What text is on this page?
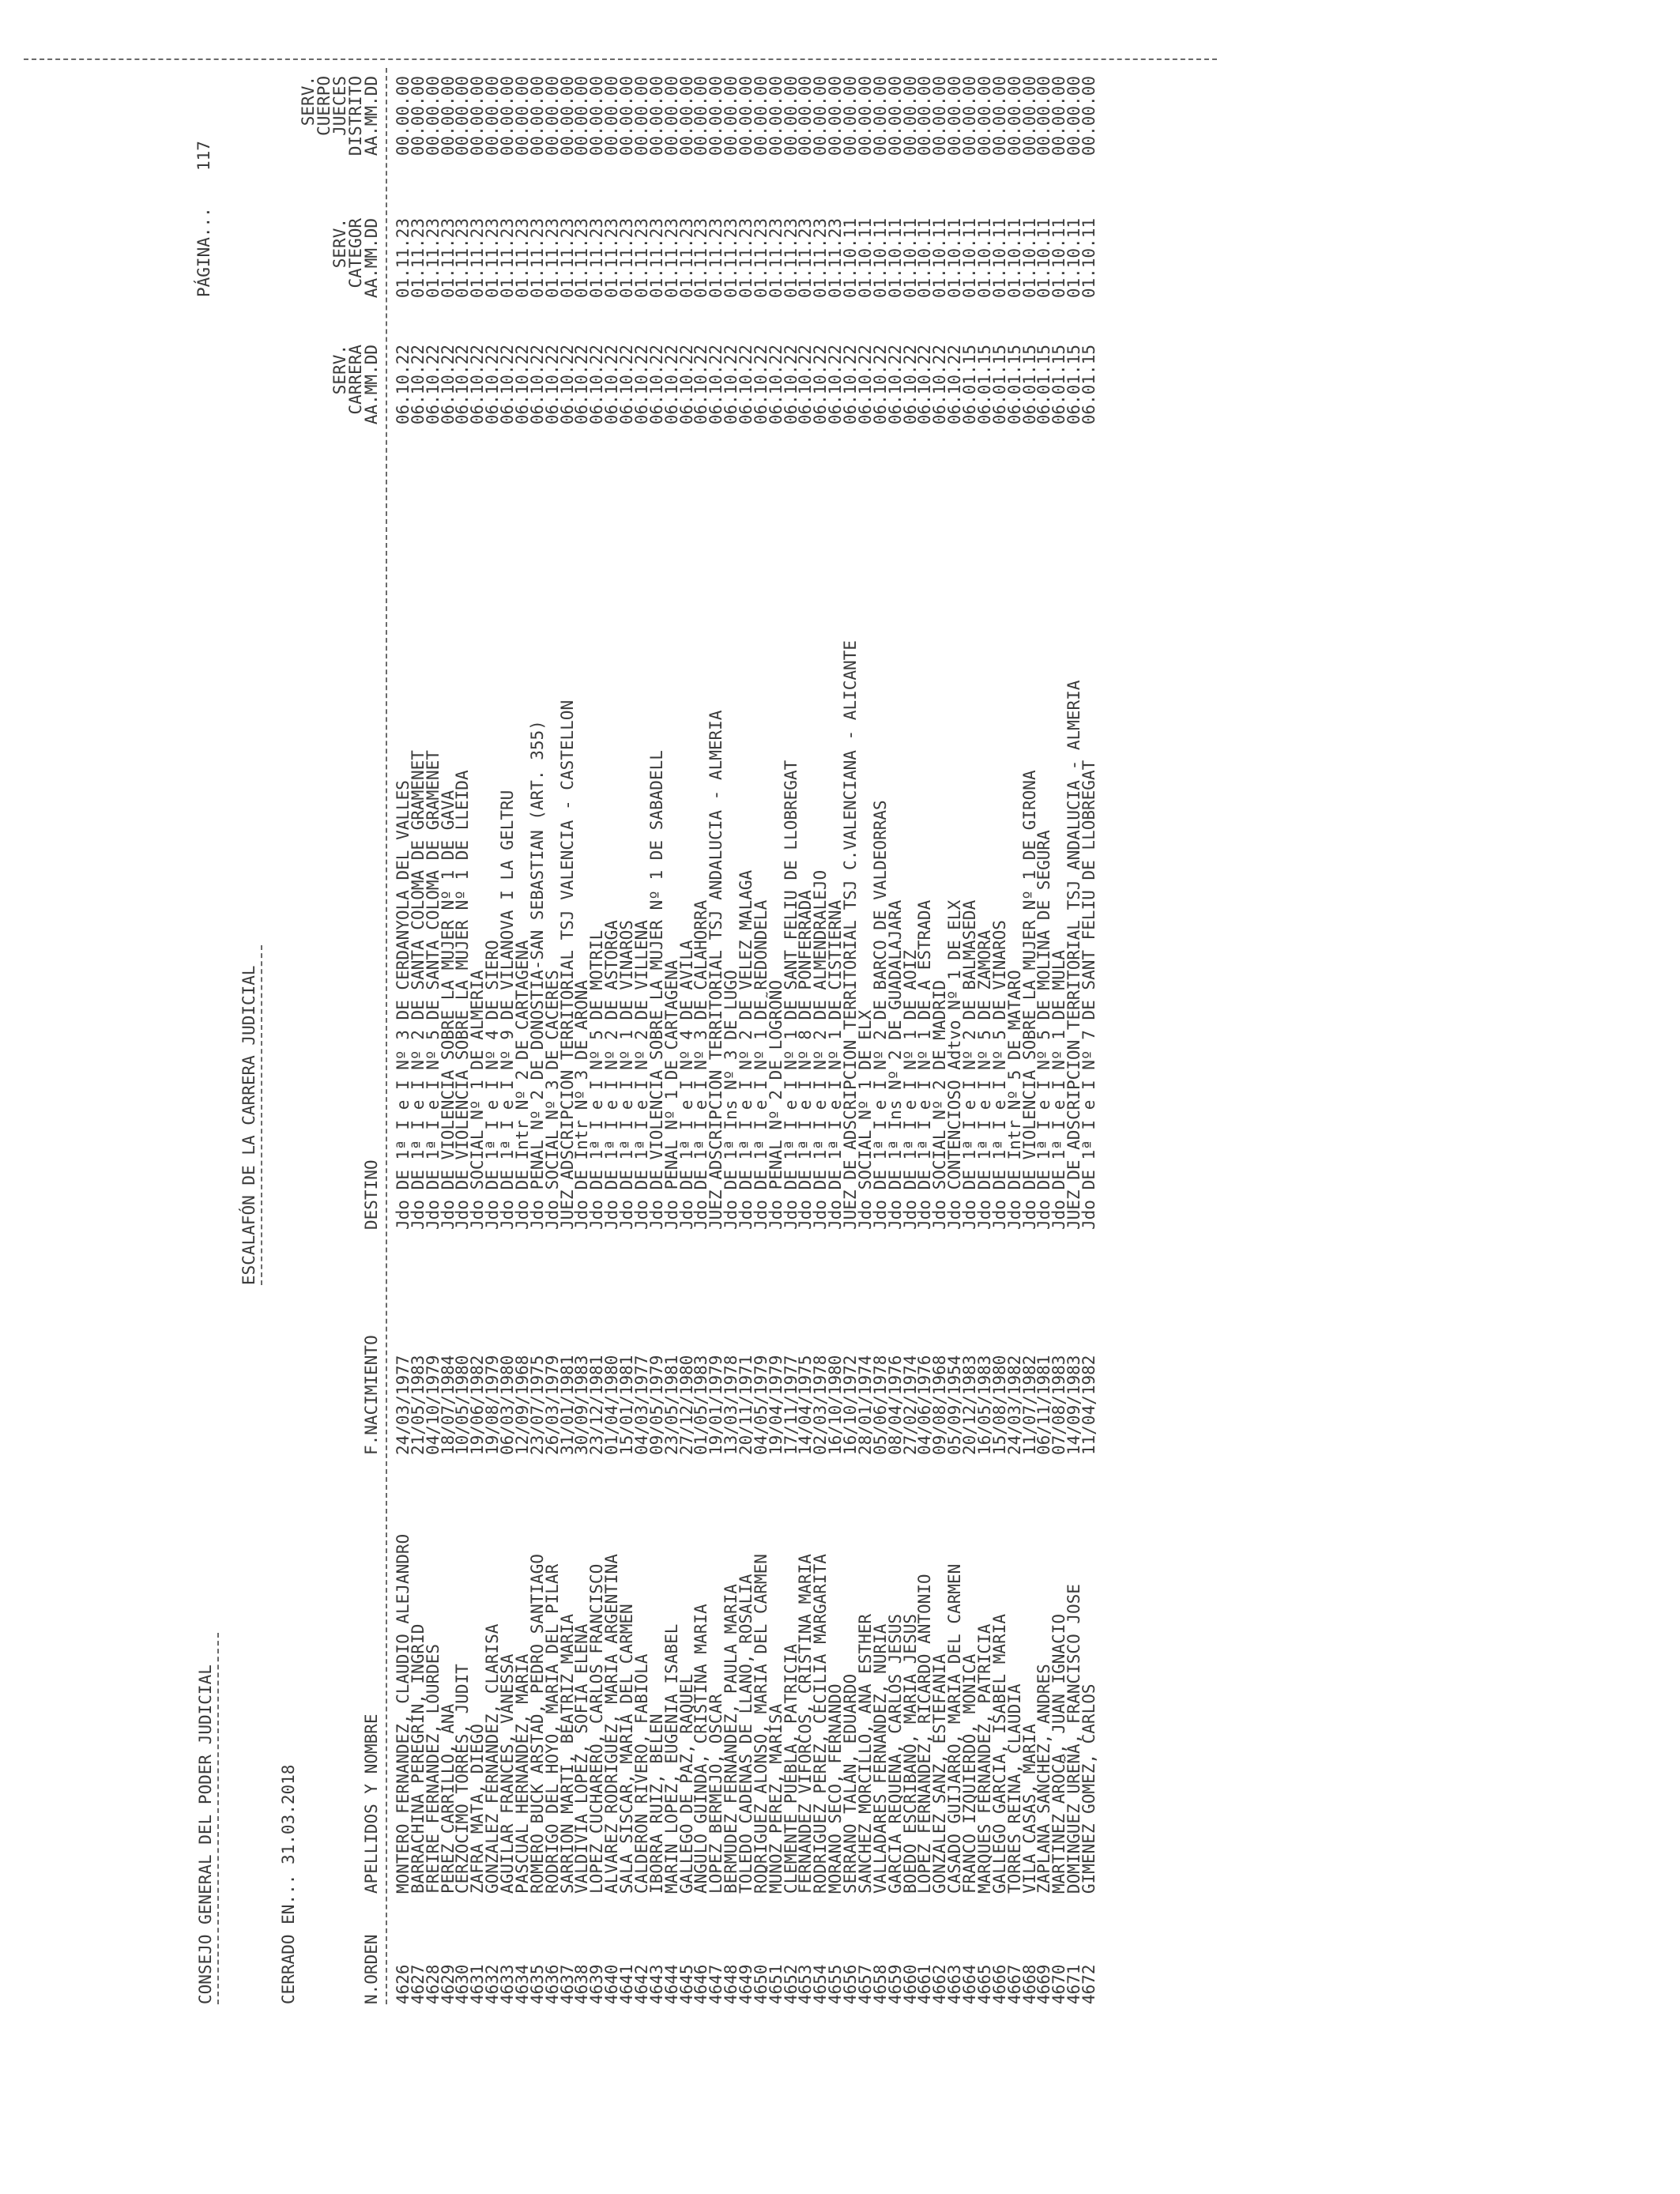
CONSEJO GENERAL DEL PODER JUDICIAL
ESCALAFÓN DE LA CARRERA JUDICIAL
PÁGINA...
117
CERRADO EN... 31.03.2018	N.ORDEN
APELLIDOS Y NOMBRE
F.NACIMIENTO
DESTINO
SERV.
CARRERA
AA.MM.DD
SERV.
CATEGOR
AA.MM.DD
SERV.
CUERPO
JUECES
DISTRITO
AA.MM.DD
4626
MONTERO FERNANDEZ, CLAUDIO ALEJANDRO
24/03/1977
Jdo DE 1ª I e I Nº 3 DE CERDANYOLA DEL VALLES
06.10.22
01.11.23
00.00.00
4627
BARRACHINA PEREGRIN, INGRID
21/05/1983
Jdo DE 1ª I e I Nº 2 DE SANTA COLOMA DE GRAMENET
06.10.22
01.11.23
00.00.00
4628
FREIRE FERNANDEZ, LOURDES
04/10/1979
Jdo DE 1ª I e I Nº 5 DE SANTA COLOMA DE GRAMENET
06.10.22
01.11.23
00.00.00
4629
PEREZ CARRILLO, ANA
18/07/1984
Jdo DE VIOLENCIA SOBRE LA MUJER Nº 1 DE GAVA
06.10.22
01.11.23
00.00.00
4630
CERZOCIMO TORRES, JUDIT
10/05/1980
Jdo DE VIOLENCIA SOBRE LA MUJER Nº 1 DE LLEIDA
06.10.22
01.11.23
00.00.00
4631
ZAFRA MATA, DIEGO
19/06/1982
Jdo SOCIAL Nº 1 DE ALMERIA
06.10.22
01.11.23
00.00.00
4632
GONZALEZ FERNANDEZ, CLARISA
19/08/1979
Jdo DE 1ª I e I Nº 4 DE SIERO
06.10.22
01.11.23
00.00.00
4633
AGUILAR FRANCES, VANESSA
06/03/1980
Jdo DE 1ª I e I Nº 9 DE VILANOVA I LA GELTRU
06.10.22
01.11.23
00.00.00
4634
PASCUAL HERNANDEZ, MARIA
12/09/1968
Jdo DE Intr Nº 2 DE CARTAGENA
06.10.22
01.11.23
00.00.00
4635
ROMERO BUCK ARSTAD, PEDRO SANTIAGO
23/07/1975
Jdo PENAL Nº 2 DE DONOSTIA-SAN SEBASTIAN (ART. 355)
06.10.22
01.11.23
00.00.00
4636
RODRIGO DEL HOYO, MARIA DEL PILAR
26/03/1979
Jdo SOCIAL Nº 3 DE CACERES
06.10.22
01.11.23
00.00.00
4637
SARRION MARTI, BEATRIZ MARIA
31/01/1981
JUEZ ADSCRIPCION TERRITORIAL TSJ VALENCIA - CASTELLON
06.10.22
01.11.23
00.00.00
4638
VALDIVIA LOPEZ, SOFIA ELENA
30/09/1983
Jdo DE Intr Nº 3 DE ARONA
06.10.22
01.11.23
00.00.00
4639
LOPEZ CUCHARERO, CARLOS FRANCISCO
23/12/1981
Jdo DE 1ª I e I Nº 5 DE MOTRIL
06.10.22
01.11.23
00.00.00
4640
ALVAREZ RODRIGUEZ, MARIA ARGENTINA
01/04/1980
Jdo DE 1ª I e I Nº 2 DE ASTORGA
06.10.22
01.11.23
00.00.00
4641
SALA SISCAR, MARIA DEL CARMEN
15/01/1981
Jdo DE 1ª I e I Nº 1 DE VINAROS
06.10.22
01.11.23
00.00.00
4642
CALDERON RIVERO, FABIOLA
04/03/1977
Jdo DE 1ª I e I Nº 2 DE VILLENA
06.10.22
01.11.23
00.00.00
4643
IBORRA RUIZ, BELEN
09/05/1979
Jdo DE VIOLENCIA SOBRE LA MUJER Nº 1 DE SABADELL
06.10.22
01.11.23
00.00.00
4644
MARIN LOPEZ, EUGENIA ISABEL
23/05/1981
Jdo PENAL Nº 1 DE CARTAGENA
06.10.22
01.11.23
00.00.00
4645
GALLEGO DE PAZ, RAQUEL
27/12/1980
Jdo DE 1ª I e I Nº 4 DE AVILA
06.10.22
01.11.23
00.00.00
4646
ANGULO GUINDA, CRISTINA MARIA
01/05/1983
Jdo DE 1ª I e I Nº 3 DE CALAHORRA
06.10.22
01.11.23
00.00.00
4647
LOPEZ BERMEJO, OSCAR
19/01/1979
JUEZ ADSCRIPCION TERRITORIAL TSJ ANDALUCIA - ALMERIA
06.10.22
01.11.23
00.00.00
4648
BERMUDEZ FERNANDEZ, PAULA MARIA
13/03/1978
Jdo DE 1ª Ins Nº 3 DE LUGO
06.10.22
01.11.23
00.00.00
4649
TOLEDO CADENAS DE LLANO, ROSALIA
20/11/1971
Jdo DE 1ª I e I Nº 2 DE VELEZ MALAGA
06.10.22
01.11.23
00.00.00
4650
RODRIGUEZ ALONSO, MARIA DEL CARMEN
04/05/1979
Jdo DE 1ª I e I Nº 1 DE REDONDELA
06.10.22
01.11.23
00.00.00
4651
MUÑOZ PEREZ, MARISA
19/04/1979
Jdo PENAL Nº 2 DE LOGROÑO
06.10.22
01.11.23
00.00.00
4652
CLEMENTE PUEBLA, PATRICIA
17/11/1977
Jdo DE 1ª I e I Nº 1 DE SANT FELIU DE LLOBREGAT
06.10.22
01.11.23
00.00.00
4653
FERNANDEZ VIFORCOS, CRISTINA MARIA
14/04/1975
Jdo DE 1ª I e I Nº 8 DE PONFERRADA
06.10.22
01.11.23
00.00.00
4654
RODRIGUEZ PEREZ, CECILIA MARGARITA
02/03/1978
Jdo DE 1ª I e I Nº 2 DE ALMENDRALEJO
06.10.22
01.11.23
00.00.00
4655
MORANO SECO, FERNANDO
16/10/1980
Jdo DE 1ª I e I Nº 1 DE CISTIERNA
06.10.22
01.11.23
00.00.00
4656
SERRANO TALAN, EDUARDO
16/10/1972
JUEZ DE ADSCRIPCION TERRITORIAL TSJ C.VALENCIANA - ALICANTE
06.10.22
01.10.11
00.00.00
4657
SANCHEZ MORCILLO, ANA ESTHER
28/01/1974
Jdo SOCIAL Nº 1 DE ELX
06.10.22
01.10.11
00.00.00
4658
VALLADARES FERNANDEZ, NURIA
05/06/1978
Jdo DE 1ª I e I Nº 2 DE BARCO DE VALDEORRAS
06.10.22
01.10.11
00.00.00
4659
GARCIA REQUENA, CARLOS JESUS
08/04/1976
Jdo DE 1ª Ins Nº 2 DE GUADALAJARA
06.10.22
01.10.11
00.00.00
4660
BOEDO ESCRIBANO, MARIA JESUS
27/02/1974
Jdo DE 1ª I e I Nº 1 DE AOIZ
06.10.22
01.10.11
00.00.00
4661
LOPEZ FERNANDEZ, RICARDO ANTONIO
04/06/1976
Jdo DE 1ª I e I Nº 1 DE A ESTRADA
06.10.22
01.10.11
00.00.00
4662
GONZALEZ SANZ, ESTEFANIA
09/08/1968
Jdo SOCIAL Nº 2 DE MADRID
06.10.22
01.10.11
00.00.00
4663
CASADO GUIJARRO, MARIA DEL CARMEN
05/09/1954
Jdo CONTENCIOSO Adtvo Nº 1 DE ELX
06.10.22
01.10.11
00.00.00
4664
FRANCO IZQUIERDO, MONICA
20/12/1983
Jdo DE 1ª I e I Nº 2 DE BALMASEDA
06.01.15
01.10.11
00.00.00
4665
MARQUES FERNANDEZ, PATRICIA
16/05/1983
Jdo DE 1ª I e I Nº 5 DE ZAMORA
06.01.15
01.10.11
00.00.00
4666
GALLEGO GARCIA, ISABEL MARIA
15/08/1980
Jdo DE 1ª I e I Nº 5 DE VINAROS
06.01.15
01.10.11
00.00.00
4667
TORRES REINA, CLAUDIA
24/03/1982
Jdo DE Intr Nº 5 DE MATARO
06.01.15
01.10.11
00.00.00
4668
VILA CASAS, MARIA
11/07/1982
Jdo DE VIOLENCIA SOBRE LA MUJER Nº 1 DE GIRONA
06.01.15
01.10.11
00.00.00
4669
ZAPLANA SANCHEZ, ANDRES
06/11/1981
Jdo DE 1ª I e I Nº 5 DE MOLINA DE SEGURA
06.01.15
01.10.11
00.00.00
4670
MARTINEZ AROCA, JUAN IGNACIO
07/08/1983
Jdo DE 1ª I e I Nº 1 DE MULA
06.01.15
01.10.11
00.00.00
4671
DOMINGUEZ UREÑA, FRANCISCO JOSE
14/09/1983
JUEZ DE ADSCRIPCION TERRITORIAL TSJ ANDALUCIA - ALMERIA
06.01.15
01.10.11
00.00.00
4672
GIMENEZ GOMEZ, CARLOS
11/04/1982
Jdo DE 1ª I e I Nº 7 DE SANT FELIU DE LLOBREGAT
06.01.15
01.10.11
00.00.00
